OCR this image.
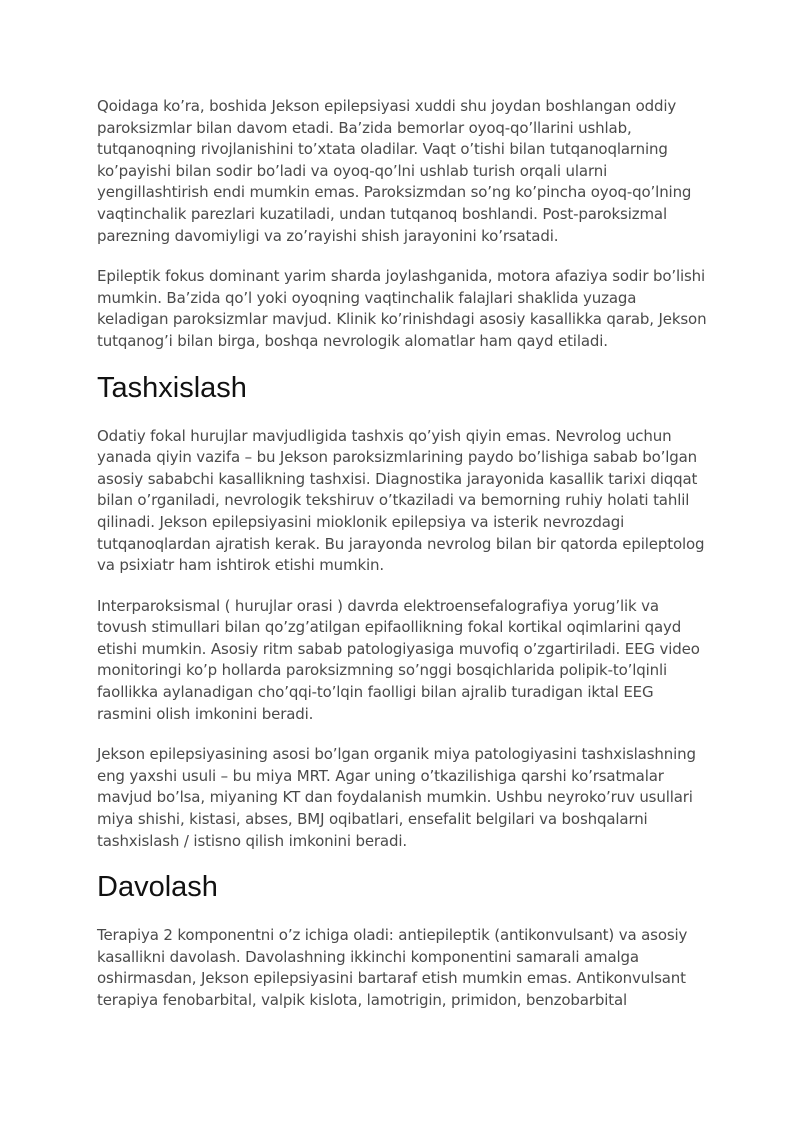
Qoidaga ko’ra, boshida Jekson epilepsiyasi xuddi shu joydan boshlangan oddiy paroksizmlar bilan davom etadi. Ba’zida bemorlar oyoq-qo’llarini ushlab, tutqanoqning rivojlanishini to’xtata oladilar. Vaqt o’tishi bilan tutqanoqlarning ko’payishi bilan sodir bo’ladi va oyoq-qo’lni ushlab turish orqali ularni yengillashtirish endi mumkin emas. Paroksizmdan so’ng ko’pincha oyoq-qo’lning vaqtinchalik parezlari kuzatiladi, undan tutqanoq boshlandi. Post-paroksizmal parezning davomiyligi va zo’rayishi shish jarayonini ko’rsatadi.

Epileptik fokus dominant yarim sharda joylashganida, motora afaziya sodir bo’lishi mumkin. Ba’zida qo’l yoki oyoqning vaqtinchalik falajlari shaklida yuzaga keladigan paroksizmlar mavjud. Klinik ko’rinishdagi asosiy kasallikka qarab, Jekson tutqanog’i bilan birga, boshqa nevrologik alomatlar ham qayd etiladi.

Tashxislash

Odatiy fokal hurujlar mavjudligida tashxis qo’yish qiyin emas. Nevrolog uchun yanada qiyin vazifa – bu Jekson paroksizmlarining paydo bo’lishiga sabab bo’lgan asosiy sababchi kasallikning tashxisi. Diagnostika jarayonida kasallik tarixi diqqat bilan o’rganiladi, nevrologik tekshiruv o’tkaziladi va bemorning ruhiy holati tahlil qilinadi. Jekson epilepsiyasini mioklonik epilepsiya va isterik nevrozdagi tutqanoqlardan ajratish kerak. Bu jarayonda nevrolog bilan bir qatorda epileptolog va psixiatr ham ishtirok etishi mumkin.

Interparoksismal ( hurujlar orasi ) davrda elektroensefalografiya yorug’lik va tovush stimullari bilan qo’zg’atilgan epifaollikning fokal kortikal oqimlarini qayd etishi mumkin. Asosiy ritm sabab patologiyasiga muvofiq o’zgartiriladi. EEG video monitoringi ko’p hollarda paroksizmning so’nggi bosqichlarida polipik-to’lqinli faollikka aylanadigan cho’qqi-to’lqin faolligi bilan ajralib turadigan iktal EEG rasmini olish imkonini beradi.

Jekson epilepsiyasining asosi bo’lgan organik miya patologiyasini tashxislashning eng yaxshi usuli – bu miya MRT. Agar uning o’tkazilishiga qarshi ko’rsatmalar mavjud bo’lsa, miyaning KT dan foydalanish mumkin. Ushbu neyroko’ruv usullari miya shishi, kistasi, abses, BMJ oqibatlari, ensefalit belgilari va boshqalarni tashxislash / istisno qilish imkonini beradi.

Davolash

Terapiya 2 komponentni o’z ichiga oladi: antiepileptik (antikonvulsant) va asosiy kasallikni davolash. Davolashning ikkinchi komponentini samarali amalga oshirmasdan, Jekson epilepsiyasini bartaraf etish mumkin emas. Antikonvulsant terapiya fenobarbital, valpik kislota, lamotrigin, primidon, benzobarbital
